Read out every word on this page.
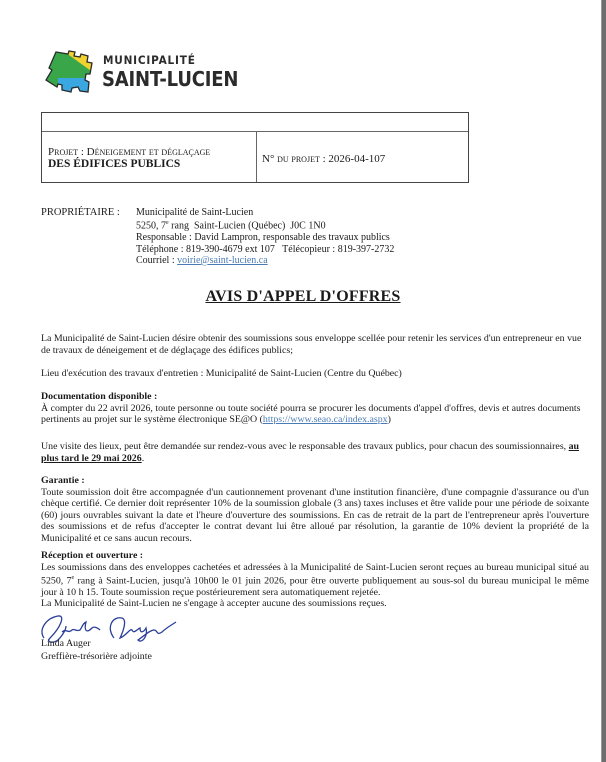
MUNICIPALITÉ
SAINT-LUCIEN
Projet : Déneigement et déglaçage
DES ÉDIFICES PUBLICS	N° du projet : 2026-04-107
PROPRIÉTAIRE : Municipalité de Saint-Lucien
5250, 7e rang  Saint-Lucien (Québec)  J0C 1N0
Responsable : David Lampron, responsable des travaux publics
Téléphone : 819-390-4679 ext 107   Télécopieur : 819-397-2732
Courriel : voirie@saint-lucien.ca
AVIS D'APPEL D'OFFRES
La Municipalité de Saint-Lucien désire obtenir des soumissions sous enveloppe scellée pour retenir les services d'un entrepreneur en vue de travaux de déneigement et de déglaçage des édifices publics;
Lieu d'exécution des travaux d'entretien : Municipalité de Saint-Lucien (Centre du Québec)
Documentation disponible :
À compter du 22 avril 2026, toute personne ou toute société pourra se procurer les documents d'appel d'offres, devis et autres documents pertinents au projet sur le système électronique SE@O (https://www.seao.ca/index.aspx)
Une visite des lieux, peut être demandée sur rendez-vous avec le responsable des travaux publics, pour chacun des soumissionnaires, au plus tard le 29 mai 2026.
Garantie :
Toute soumission doit être accompagnée d'un cautionnement provenant d'une institution financière, d'une compagnie d'assurance ou d'un chèque certifié. Ce dernier doit représenter 10% de la soumission globale (3 ans) taxes incluses et être valide pour une période de soixante (60) jours ouvrables suivant la date et l'heure d'ouverture des soumissions. En cas de retrait de la part de l'entrepreneur après l'ouverture des soumissions et de refus d'accepter le contrat devant lui être alloué par résolution, la garantie de 10% devient la propriété de la Municipalité et ce sans aucun recours.
Réception et ouverture :
Les soumissions dans des enveloppes cachetées et adressées à la Municipalité de Saint-Lucien seront reçues au bureau municipal situé au 5250, 7e rang à Saint-Lucien, jusqu'à 10h00 le 01 juin 2026, pour être ouverte publiquement au sous-sol du bureau municipal le même jour à 10 h 15. Toute soumission reçue postérieurement sera automatiquement rejetée.
La Municipalité de Saint-Lucien ne s'engage à accepter aucune des soumissions reçues.
Linda Auger
Greffière-trésorière adjointe
